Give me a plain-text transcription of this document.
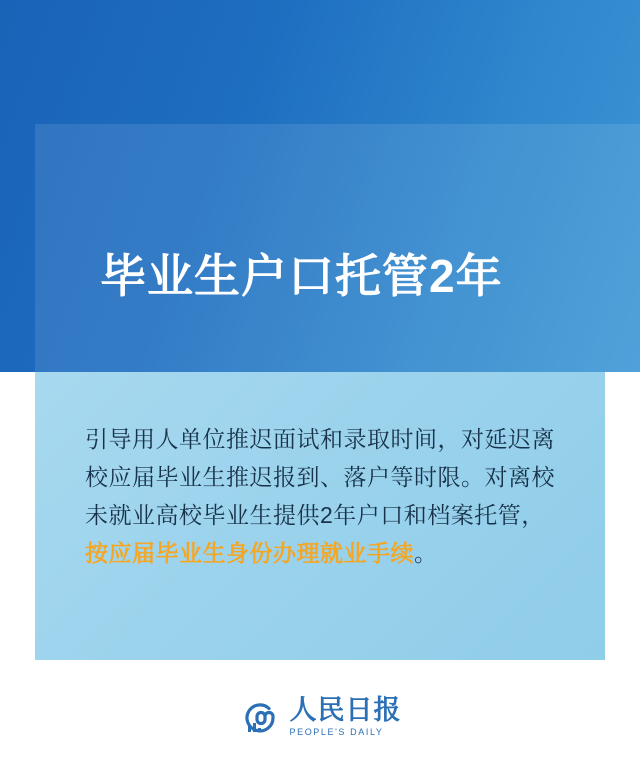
毕业生户口托管2年
引导用人单位推迟面试和录取时间，对延迟离校应届毕业生推迟报到、落户等时限。对离校未就业高校毕业生提供2年户口和档案托管，按应届毕业生身份办理就业手续。
人民日报
PEOPLE'S DAILY
